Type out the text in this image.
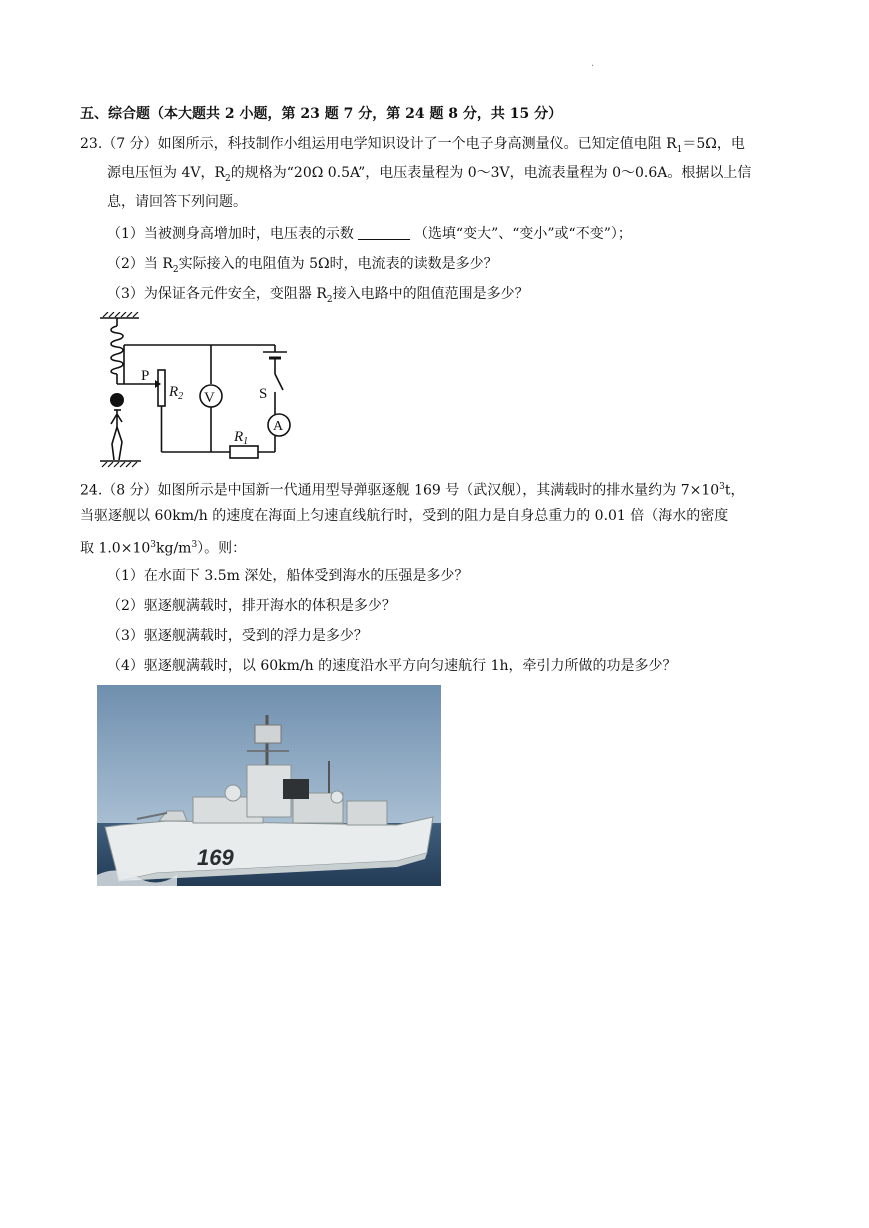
.
五、综合题（本大题共 2 小题，第 23 题 7 分，第 24 题 8 分，共 15 分）
23.（7 分）如图所示，科技制作小组运用电学知识设计了一个电子身高测量仪。已知定值电阻 $R_1=5\Omega$，电
源电压恒为 4V，$R_2$的规格为“20Ω 0.5A”，电压表量程为 0～3V，电流表量程为 0～0.6A。根据以上信
息，请回答下列问题。
（1）当被测身高增加时，电压表的示数	（选填“变大”、“变小”或“不变”）；
（2）当 $R_2$实际接入的电阻值为 5Ω时，电流表的读数是多少？
（3）为保证各元件安全，变阻器 $R_2$接入电路中的阻值范围是多少？
P
$R_2$ V	S
A
$R_1$
24.（8 分）如图所示是中国新一代通用型导弹驱逐舰 169 号（武汉舰），其满载时的排水量约为 $7\times 10^3t$，
当驱逐舰以 60km/h 的速度在海面上匀速直线航行时，受到的阻力是自身总重力的 0.01 倍（海水的密度
取 $1.0\times 10^3kg/m^3$）。则：
（1）在水面下 3.5m 深处，船体受到海水的压强是多少？
（2）驱逐舰满载时，排开海水的体积是多少？
（3）驱逐舰满载时，受到的浮力是多少？
（4）驱逐舰满载时，以 60km/h 的速度沿水平方向匀速航行 1h，牵引力所做的功是多少？
169
